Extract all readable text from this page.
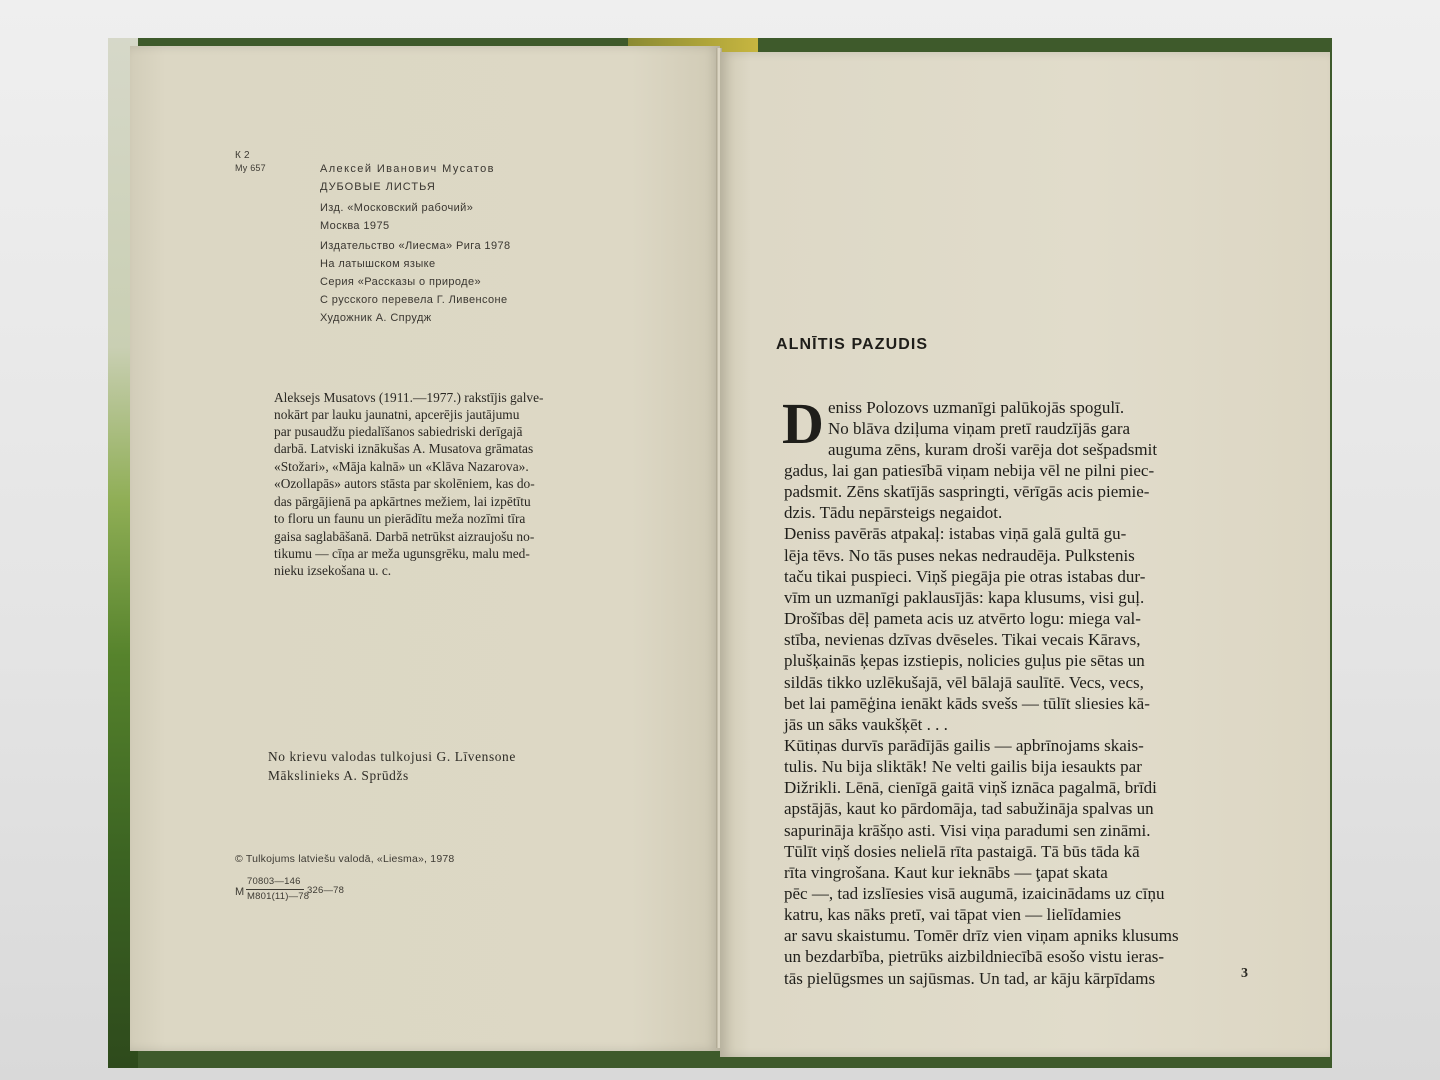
К 2
Му 657	Алексей Иванович Мусатов
ДУБОВЫЕ ЛИСТЬЯ
Изд. «Московский рабочий»
Москва 1975
Издательство «Лиесма» Рига 1978
На латышском языке
Серия «Рассказы о природе»
С русского перевела Г. Ливенсоне
Художник А. Спрудж
Aleksejs Musatovs (1911.—1977.) rakstījis galve-
nokārt par lauku jaunatni, apcerējis jautājumu
par pusaudžu piedalīšanos sabiedriski derīgajā
darbā. Latviski iznākušas A. Musatova grāmatas
«Stožari», «Māja kalnā» un «Klāva Nazarova».
«Ozollapās» autors stāsta par skolēniem, kas do-
das pārgājienā pa apkārtnes mežiem, lai izpētītu
to floru un faunu un pierādītu meža nozīmi tīra
gaisa saglabāšanā. Darbā netrūkst aizraujošu no-
tikumu — cīņa ar meža ugunsgrēku, malu med-
nieku izsekošana u. c.
No krievu valodas tulkojusi G. Līvensone
Mākslinieks A. Sprūdžs
© Tulkojums latviešu valodā, «Liesma», 1978
M
70803—146
M801(11)—78
326—78
ALNĪTIS PAZUDIS
D eniss Polozovs uzmanīgi palūkojās spogulī.
No blāva dziļuma viņam pretī raudzījās gara
auguma zēns, kuram droši varēja dot sešpadsmit
gadus, lai gan patiesībā viņam nebija vēl ne pilni piec-
padsmit. Zēns skatījās saspringti, vērīgās acis piemie-
dzis. Tādu nepārsteigs negaidot.
Deniss pavērās atpakaļ: istabas viņā galā gultā gu-
lēja tēvs. No tās puses nekas nedraudēja. Pulkstenis
taču tikai puspieci. Viņš piegāja pie otras istabas dur-
vīm un uzmanīgi paklausījās: kapa klusums, visi guļ.
Drošības dēļ pameta acis uz atvērto logu: miega val-
stība, nevienas dzīvas dvēseles. Tikai vecais Kāravs,
plušķainās ķepas izstiepis, nolicies guļus pie sētas un
sildās tikko uzlēkušajā, vēl bālajā saulītē. Vecs, vecs,
bet lai pamēģina ienākt kāds svešs — tūlīt sliesies kā-
jās un sāks vaukšķēt . . .
Kūtiņas durvīs parādījās gailis — apbrīnojams skais-
tulis. Nu bija sliktāk! Ne velti gailis bija iesaukts par
Dižrikli. Lēnā, cienīgā gaitā viņš iznāca pagalmā, brīdi
apstājās, kaut ko pārdomāja, tad sabužināja spalvas un
sapurināja krāšņo asti. Visi viņa paradumi sen zināmi.
Tūlīt viņš dosies nelielā rīta pastaigā. Tā būs tāda kā
rīta vingrošana. Kaut kur ieknābs — ţapat skata
pēc —, tad izslīesies visā augumā, izaicinādams uz cīņu
katru, kas nāks pretī, vai tāpat vien — lielīdamies
ar savu skaistumu. Tomēr drīz vien viņam apniks klusums
un bezdarbība, pietrūks aizbildniecībā esošo vistu ieras-
tās pielūgsmes un sajūsmas. Un tad, ar kāju kārpīdams	3
